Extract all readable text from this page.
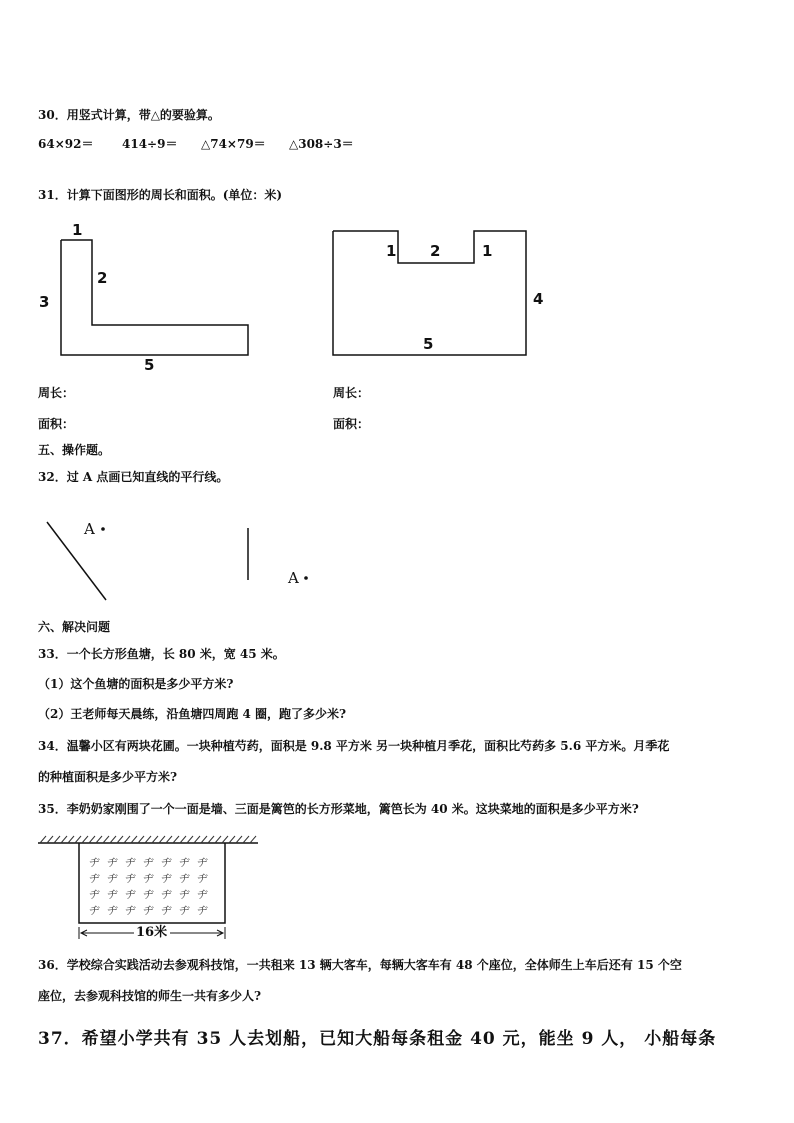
30．用竖式计算，带△的要验算。
64×92＝ 414÷9＝ △74×79＝ △308÷3＝
31．计算下面图形的周长和面积。(单位：米)
1
2
3
5
1 2	1
4
5
周长：	周长：
面积：	面积：
五、操作题。
32．过 A 点画已知直线的平行线。
A
A
六、解决问题
33．一个长方形鱼塘，长 80 米，宽 45 米。
（1）这个鱼塘的面积是多少平方米?
（2）王老师每天晨练，沿鱼塘四周跑 4 圈，跑了多少米?
34．温馨小区有两块花圃。一块种植芍药，面积是 9.8 平方米 另一块种植月季花，面积比芍药多 5.6 平方米。月季花
的种植面积是多少平方米?
35．李奶奶家刚围了一个一面是墙、三面是篱笆的长方形菜地，篱笆长为 40 米。这块菜地的面积是多少平方米?
ヂ ヂ ヂ ヂ ヂ ヂ ヂ
ヂ ヂ ヂ ヂ ヂ ヂ ヂ
ヂ ヂ ヂ ヂ ヂ ヂ ヂ
ヂ ヂ ヂ ヂ ヂ ヂ ヂ
16米
36．学校综合实践活动去参观科技馆，一共租来 13 辆大客车，每辆大客车有 48 个座位，全体师生上车后还有 15 个空
座位，去参观科技馆的师生一共有多少人?
37．希望小学共有 35 人去划船，已知大船每条租金 40 元，能坐 9 人， 小船每条
